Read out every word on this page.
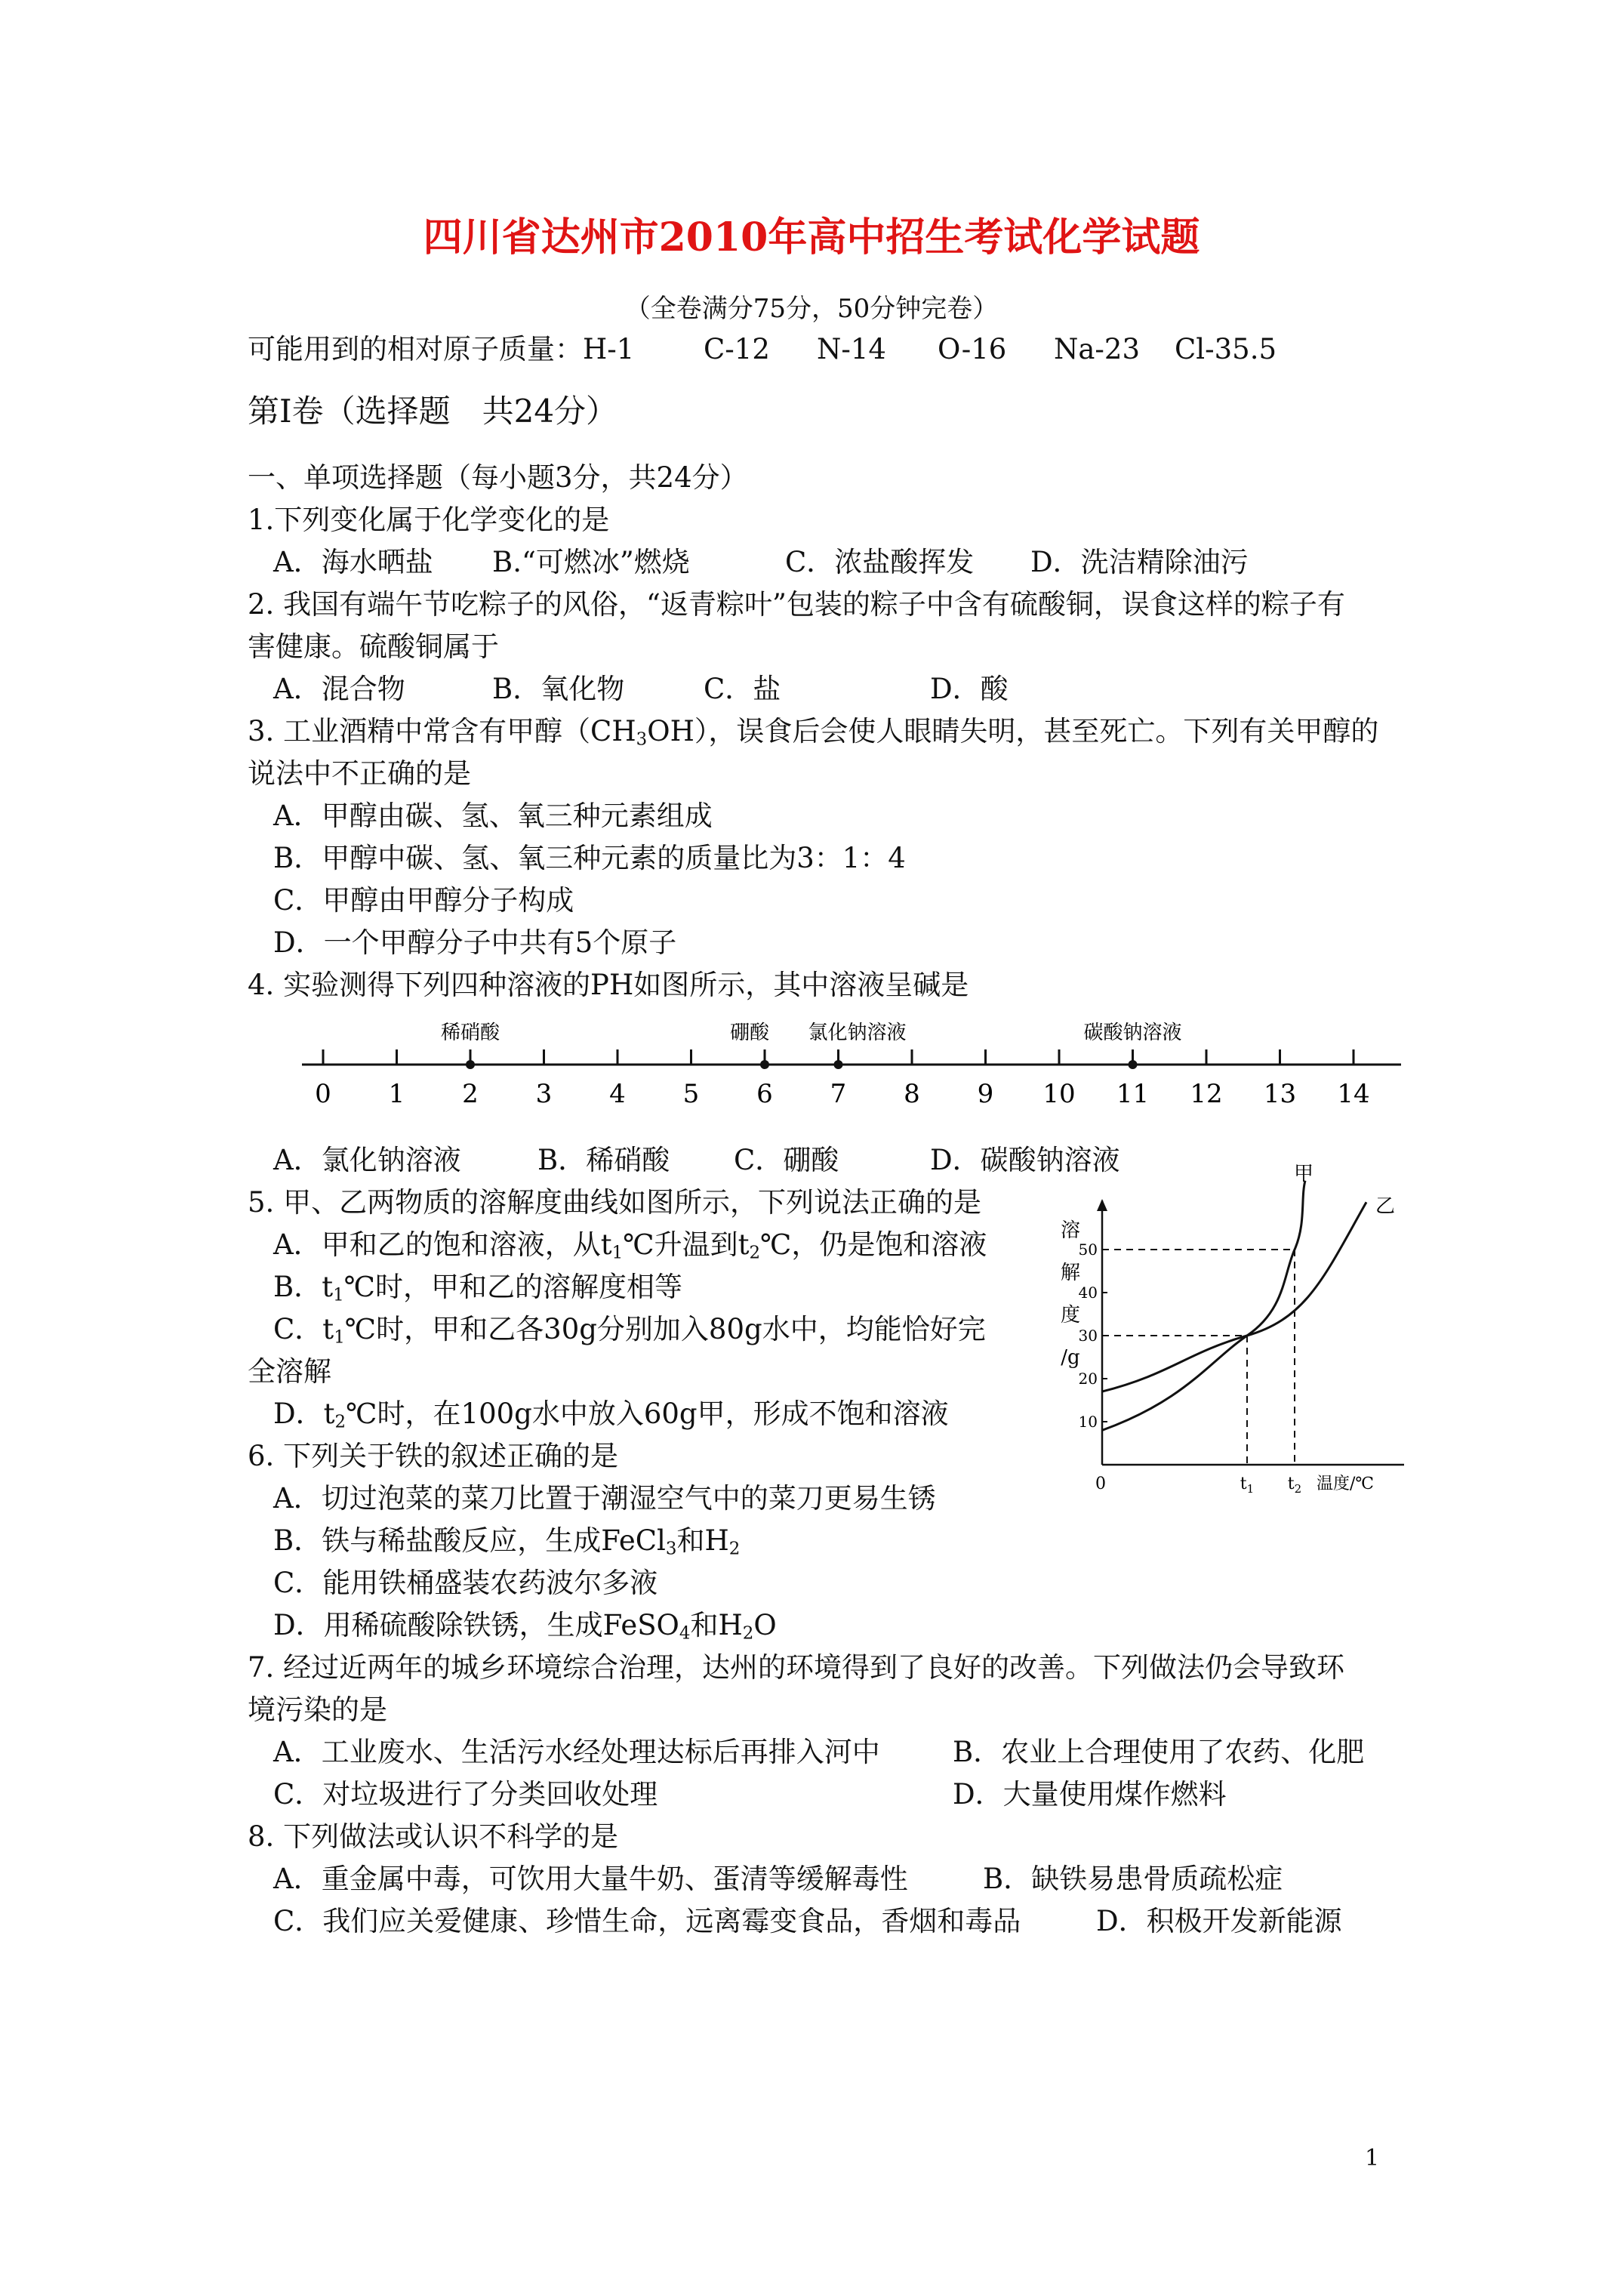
四川省达州市2010年高中招生考试化学试题
（全卷满分75分，50分钟完卷）
可能用到的相对原子质量：H-1 C-12 N-14 O-16 Na-23 Cl-35.5
第Ⅰ卷（选择题　共24分）
一、单项选择题（每小题3分，共24分）
1.下列变化属于化学变化的是
A．海水晒盐 B.“可燃冰”燃烧	C．浓盐酸挥发 D．洗洁精除油污
2. 我国有端午节吃粽子的风俗，“返青粽叶”包装的粽子中含有硫酸铜，误食这样的粽子有
害健康。硫酸铜属于
A．混合物	B．氧化物	C．盐	D．酸
3. 工业酒精中常含有甲醇$(CH_3OH)$，误食后会使人眼睛失明，甚至死亡。下列有关甲醇的
说法中不正确的是
A．甲醇由碳、氢、氧三种元素组成
B．甲醇中碳、氢、氧三种元素的质量比为3：1：4
C．甲醇由甲醇分子构成
D．一个甲醇分子中共有5个原子
4. 实验测得下列四种溶液的PH如图所示，其中溶液呈碱是
0 1 2 3 4 5 6 7 8 9 10 11 12 13 14
稀硝酸	硼酸 氯化钠溶液	碳酸钠溶液
A．氯化钠溶液	B．稀硝酸 C．硼酸	D．碳酸钠溶液
5. 甲、乙两物质的溶解度曲线如图所示，下列说法正确的是
A．甲和乙的饱和溶液，从$t_1℃$升温到$t_2℃$，仍是饱和溶液
B．$t_1℃$时，甲和乙的溶解度相等
C．$t_1℃$时，甲和乙各30g分别加入80g水中，均能恰好完
全溶解
D．$t_2℃$时，在100g水中放入60g甲，形成不饱和溶液	10
20
30
40
50
溶
解
度
/g
0	$t_1$ $t_2$ 温度/℃
甲
乙
6. 下列关于铁的叙述正确的是
A．切过泡菜的菜刀比置于潮湿空气中的菜刀更易生锈
B．铁与稀盐酸反应，生成FeCl$_3$和$H_2$
C．能用铁桶盛装农药波尔多液
D．用稀硫酸除铁锈，生成FeSO$_4$和$H_2O$
7. 经过近两年的城乡环境综合治理，达州的环境得到了良好的改善。下列做法仍会导致环
境污染的是
A．工业废水、生活污水经处理达标后再排入河中	B．农业上合理使用了农药、化肥
C．对垃圾进行了分类回收处理	D．大量使用煤作燃料
8. 下列做法或认识不科学的是
A．重金属中毒，可饮用大量牛奶、蛋清等缓解毒性	B．缺铁易患骨质疏松症
C．我们应关爱健康、珍惜生命，远离霉变食品，香烟和毒品	D．积极开发新能源
1
